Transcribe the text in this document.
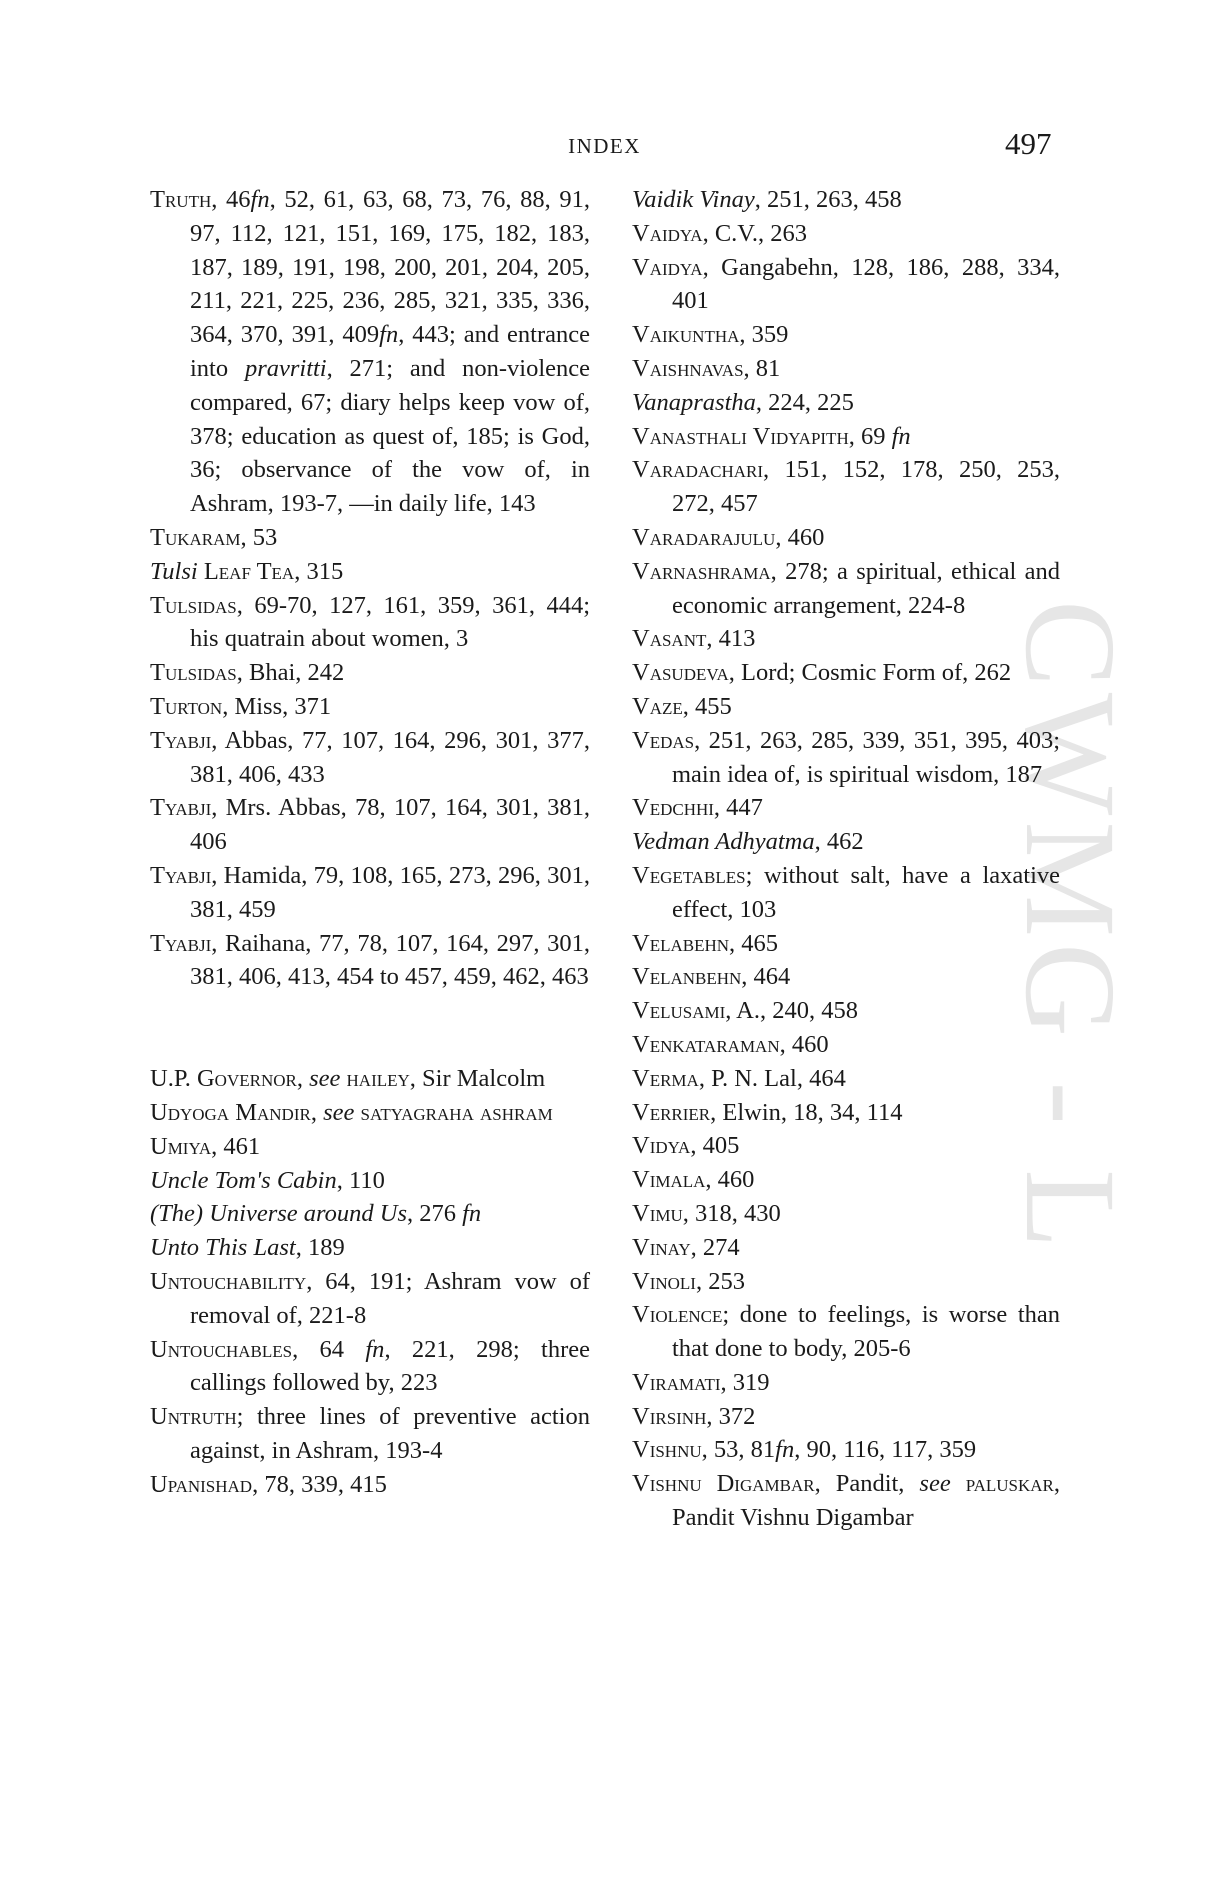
INDEX	497
CWMG - L

Truth, 46fn, 52, 61, 63, 68, 73, 76, 88, 91, 97, 112, 121, 151, 169, 175, 182, 183, 187, 189, 191, 198, 200, 201, 204, 205, 211, 221, 225, 236, 285, 321, 335, 336, 364, 370, 391, 409fn, 443; and entrance into pravritti, 271; and non-violence compared, 67; diary helps keep vow of, 378; education as quest of, 185; is God, 36; observance of the vow of, in Ashram, 193-7, —in daily life, 143

Tukaram, 53

Tulsi Leaf Tea, 315

Tulsidas, 69-70, 127, 161, 359, 361, 444; his quatrain about women, 3

Tulsidas, Bhai, 242

Turton, Miss, 371

Tyabji, Abbas, 77, 107, 164, 296, 301, 377, 381, 406, 433

Tyabji, Mrs. Abbas, 78, 107, 164, 301, 381, 406

Tyabji, Hamida, 79, 108, 165, 273, 296, 301, 381, 459

Tyabji, Raihana, 77, 78, 107, 164, 297, 301, 381, 406, 413, 454 to 457, 459, 462, 463

U.P. Governor, see hailey, Sir Malcolm

Udyoga Mandir, see satyagraha ashram

Umiya, 461

Uncle Tom's Cabin, 110

(The) Universe around Us, 276 fn

Unto This Last, 189

Untouchability, 64, 191; Ashram vow of removal of, 221-8

Untouchables, 64 fn, 221, 298; three callings followed by, 223

Untruth; three lines of preventive action against, in Ashram, 193-4

Upanishad, 78, 339, 415

Vaidik Vinay, 251, 263, 458

Vaidya, C.V., 263

Vaidya, Gangabehn, 128, 186, 288, 334, 401

Vaikuntha, 359

Vaishnavas, 81

Vanaprastha, 224, 225

Vanasthali Vidyapith, 69 fn

Varadachari, 151, 152, 178, 250, 253, 272, 457

Varadarajulu, 460

Varnashrama, 278; a spiritual, ethical and economic arrangement, 224-8

Vasant, 413

Vasudeva, Lord; Cosmic Form of, 262

Vaze, 455

Vedas, 251, 263, 285, 339, 351, 395, 403; main idea of, is spiritual wisdom, 187

Vedchhi, 447

Vedman Adhyatma, 462

Vegetables; without salt, have a laxative effect, 103

Velabehn, 465

Velanbehn, 464

Velusami, A., 240, 458

Venkataraman, 460

Verma, P. N. Lal, 464

Verrier, Elwin, 18, 34, 114

Vidya, 405

Vimala, 460

Vimu, 318, 430

Vinay, 274

Vinoli, 253

Violence; done to feelings, is worse than that done to body, 205-6

Viramati, 319

Virsinh, 372

Vishnu, 53, 81fn, 90, 116, 117, 359

Vishnu Digambar, Pandit, see paluskar, Pandit Vishnu Digambar
